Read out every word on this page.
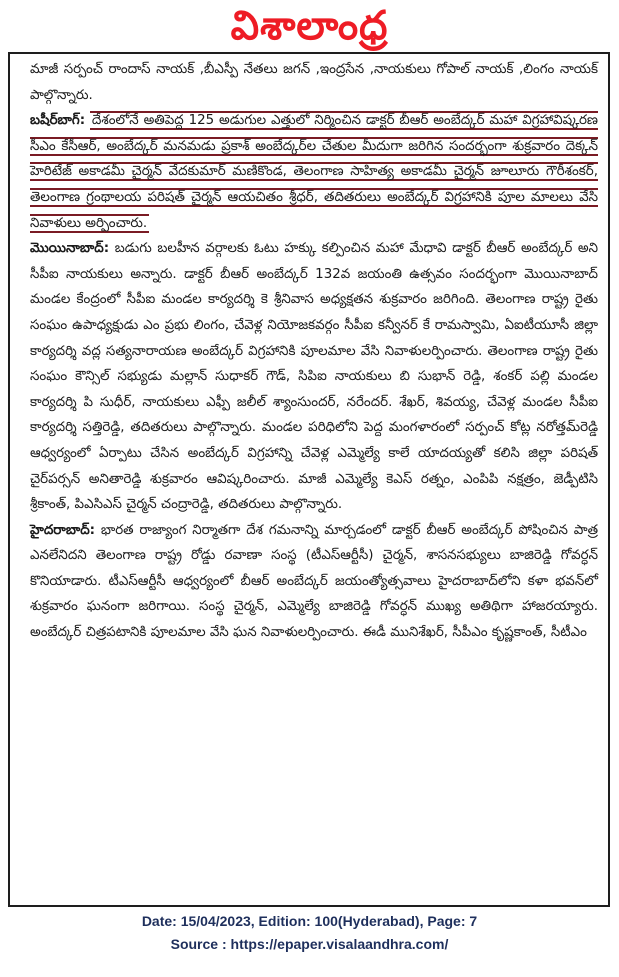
విశాలాంధ్ర

మాజీ సర్పంచ్ రాందాస్ నాయక్ ,బీఎస్పీ నేతలు జగన్ ,ఇంద్రసేన ,నాయకులు గోపాల్ నాయక్ ,లింగం నాయక్ పాల్గొన్నారు.

బషీర్‌బాగ్: దేశంలోనే అతిపెద్ద 125 అడుగుల ఎత్తులో నిర్మించిన డాక్టర్ బీఆర్ అంబేద్కర్ మహా విగ్రహావిష్కరణ సీఎం కేసీఆర్, అంబేద్కర్ మనమడు ప్రకాశ్ అంబేద్కర్‌ల చేతుల మీదుగా జరిగిన సందర్భంగా శుక్రవారం దెక్కన్ హెరిటేజ్ అకాడమీ చైర్మన్ వేదకుమార్ మణికొండ, తెలంగాణ సాహిత్య అకాడమీ చైర్మన్ జూలూరు గౌరీశంకర్, తెలంగాణ గ్రంథాలయ పరిషత్ చైర్మన్ ఆయచితం శ్రీధర్, తదితరులు అంబేద్కర్ విగ్రహానికి పూల మాలలు వేసి నివాళులు అర్పించారు.

మొయినాబాద్: బడుగు బలహీన వర్గాలకు ఓటు హక్కు కల్పించిన మహా మేధావి డాక్టర్ బీఆర్ అంబేద్కర్ అని సీపీఐ నాయకులు అన్నారు. డాక్టర్ బీఆర్ అంబేద్కర్ 132వ జయంతి ఉత్సవం సందర్భంగా మొయినాబాద్ మండల కేంద్రంలో సీపీఐ మండల కార్యదర్శి కె శ్రీనివాస అధ్యక్షతన శుక్రవారం జరిగింది. తెలంగాణ రాష్ట్ర రైతు సంఘం ఉపాధ్యక్షుడు ఎం ప్రభు లింగం, చేవెళ్ల నియోజకవర్గం సీపీఐ కన్వీనర్ కే రామస్వామి, ఏఐటీయూసీ జిల్లా కార్యదర్శి వద్ల సత్యనారాయణ అంబేద్కర్ విగ్రహానికి పూలమాల వేసి నివాళులర్పించారు. తెలంగాణ రాష్ట్ర రైతు సంఘం కౌన్సిల్ సభ్యుడు మల్లాన్ సుధాకర్ గౌడ్, సిపిఐ నాయకులు బి సుభాన్ రెడ్డి, శంకర్ పల్లి మండల కార్యదర్శి పి సుధీర్, నాయకులు ఎఫ్పీ జలీల్ శ్యాంసుందర్, నరేందర్. శేఖర్, శివయ్య, చేవెళ్ల మండల సీపీఐ కార్యదర్శి సత్తిరెడ్డి, తదితరులు పాల్గొన్నారు. మండల పరిధిలోని పెద్ద మంగళారంలో సర్పంచ్ కోట్ల నరోత్తమ్‌రెడ్డి ఆధ్వర్యంలో ఏర్పాటు చేసిన అంబేద్కర్ విగ్రహాన్ని చేవెళ్ల ఎమ్మెల్యే కాలే యాదయ్యతో కలిసి జిల్లా పరిషత్ చైర్‌పర్సన్ అనితారెడ్డి శుక్రవారం ఆవిష్కరించారు. మాజీ ఎమ్మెల్యే కెఎస్ రత్నం, ఎంపిపి నక్షత్రం, జెడ్పీటిసి శ్రీకాంత్, పిఎసిఎస్ చైర్మన్ చంద్రారెడ్డి, తదితరులు పాల్గొన్నారు.

హైదరాబాద్: భారత రాజ్యాంగ నిర్మాతగా దేశ గమనాన్ని మార్చడంలో డాక్టర్ బీఆర్ అంబేద్కర్ పోషించిన పాత్ర ఎనలేనిదని తెలంగాణ రాష్ట్ర రోడ్డు రవాణా సంస్థ (టీఎస్‌ఆర్టీసీ) చైర్మన్, శాసనసభ్యులు బాజిరెడ్డి గోవర్ధన్ కొనియాడారు. టీఎస్‌ఆర్టీసీ ఆధ్వర్యంలో బీఆర్ అంబేద్కర్ జయంత్యోత్సవాలు హైదరాబాద్‌లోని కళా భవన్‌లో శుక్రవారం ఘనంగా జరిగాయి. సంస్థ చైర్మన్, ఎమ్మెల్యే బాజిరెడ్డి గోవర్ధన్ ముఖ్య అతిథిగా హాజరయ్యారు. అంబేద్కర్ చిత్రపటానికి పూలమాల వేసి ఘన నివాళులర్పించారు. ఈడీ మునిశేఖర్, సీపీఎం కృష్ణకాంత్, సీటీఎం

Date: 15/04/2023, Edition: 100(Hyderabad), Page: 7
Source : https://epaper.visalaandhra.com/
